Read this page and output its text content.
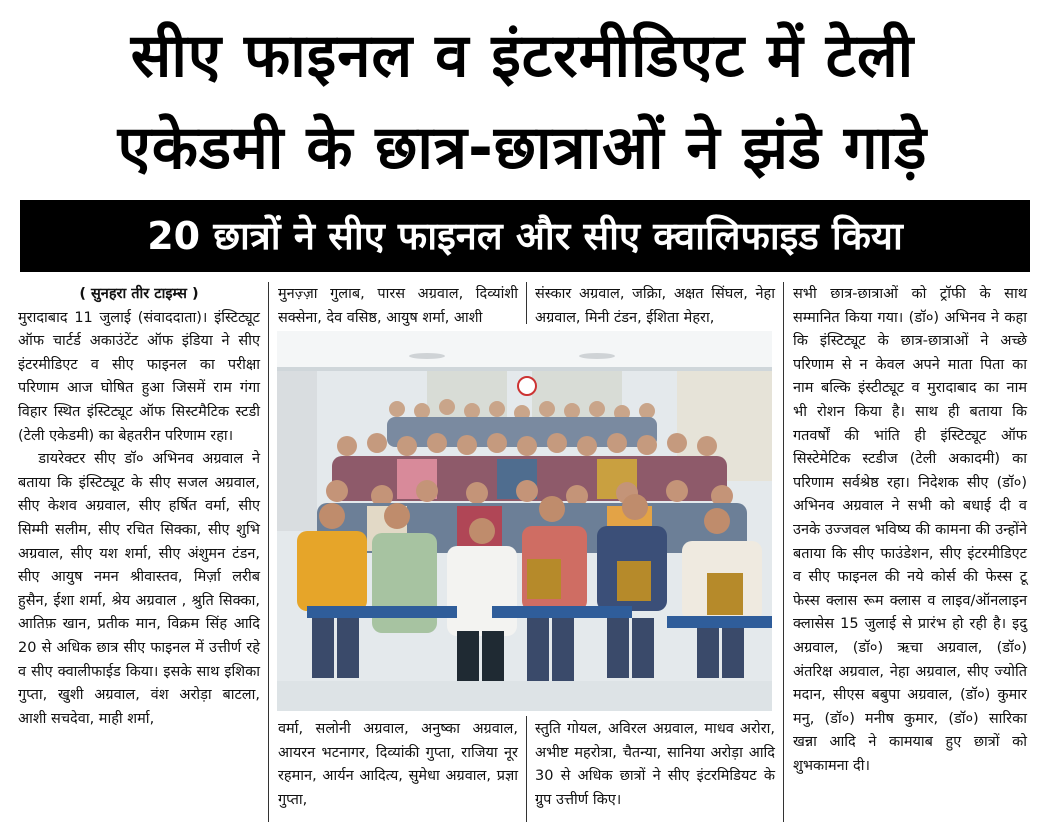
सीए फाइनल व इंटरमीडिएट में टेली
एकेडमी के छात्र-छात्राओं ने झंडे गाड़े
20 छात्रों ने सीए फाइनल और सीए क्वालिफाइड किया

( सुनहरा तीर टाइम्स )

मुरादाबाद 11 जुलाई (संवाददाता)। इंस्टिट्यूट ऑफ चार्टर्ड अकाउंटेंट ऑफ इंडिया ने सीए इंटरमीडिएट व सीए फाइनल का परीक्षा परिणाम आज घोषित हुआ जिसमें राम गंगा विहार स्थित इंस्टिट्यूट ऑफ सिस्टमैटिक स्टडी (टेली एकेडमी) का बेहतरीन परिणाम रहा।

डायरेक्टर सीए डॉ० अभिनव अग्रवाल ने बताया कि इंस्टिट्यूट के सीए सजल अग्रवाल, सीए केशव अग्रवाल, सीए हर्षित वर्मा, सीए सिम्मी सलीम, सीए रचित सिक्का, सीए शुभि अग्रवाल, सीए यश शर्मा, सीए अंशुमन टंडन, सीए आयुष नमन श्रीवास्तव, मिर्ज़ा लरीब हुसैन, ईशा शर्मा, श्रेय अग्रवाल , श्रुति सिक्का, आतिफ़ खान, प्रतीक मान, विक्रम सिंह आदि 20 से अधिक छात्र सीए फाइनल में उत्तीर्ण रहे व सीए क्वालीफाईड किया। इसके साथ इशिका गुप्ता, खुशी अग्रवाल, वंश अरोड़ा बाटला, आशी सचदेवा, माही शर्मा,

मुनज़्ज़ा गुलाब, पारस अग्रवाल, दिव्यांशी सक्सेना, देव वसिष्ठ, आयुष शर्मा, आशी

वर्मा, सलोनी अग्रवाल, अनुष्का अग्रवाल, आयरन भटनागर, दिव्यांकी गुप्ता, राजिया नूर रहमान, आर्यन आदित्य, सुमेधा अग्रवाल, प्रज्ञा गुप्ता,

संस्कार अग्रवाल, जक्रिा, अक्षत सिंघल, नेहा अग्रवाल, मिनी टंडन, ईशिता मेहरा,

स्तुति गोयल, अविरल अग्रवाल, माधव अरोरा, अभीष्ट महरोत्रा, चैतन्या, सानिया अरोड़ा आदि 30 से अधिक छात्रों ने सीए इंटरमिडियट के ग्रुप उत्तीर्ण किए।

सभी छात्र-छात्राओं को ट्रॉफी के साथ सम्मानित किया गया। (डॉ०) अभिनव ने कहा कि इंस्टिट्यूट के छात्र-छात्राओं ने अच्छे परिणाम से न केवल अपने माता पिता का नाम बल्कि इंस्टीट्यूट व मुरादाबाद का नाम भी रोशन किया है। साथ ही बताया कि गतवर्षों की भांति ही इंस्टिट्यूट ऑफ सिस्टेमेटिक स्टडीज (टेली अकादमी) का परिणाम सर्वश्रेष्ठ रहा। निदेशक सीए (डॉ०) अभिनव अग्रवाल ने सभी को बधाई दी व उनके उज्जवल भविष्य की कामना की उन्होंने बताया कि सीए फाउंडेशन, सीए इंटरमीडिएट व सीए फाइनल की नये कोर्स की फेस्स टू फेस्स क्लास रूम क्लास व लाइव/ऑनलाइन क्लासेस 15 जुलाई से प्रारंभ हो रही है। इदु अग्रवाल, (डॉ०) ऋचा अग्रवाल, (डॉ०) अंतरिक्ष अग्रवाल, नेहा अग्रवाल, सीए ज्योति मदान, सीएस बबुपा अग्रवाल, (डॉ०) कुमार मनु, (डॉ०) मनीष कुमार, (डॉ०) सारिका खन्ना आदि ने कामयाब हुए छात्रों को शुभकामना दी।
